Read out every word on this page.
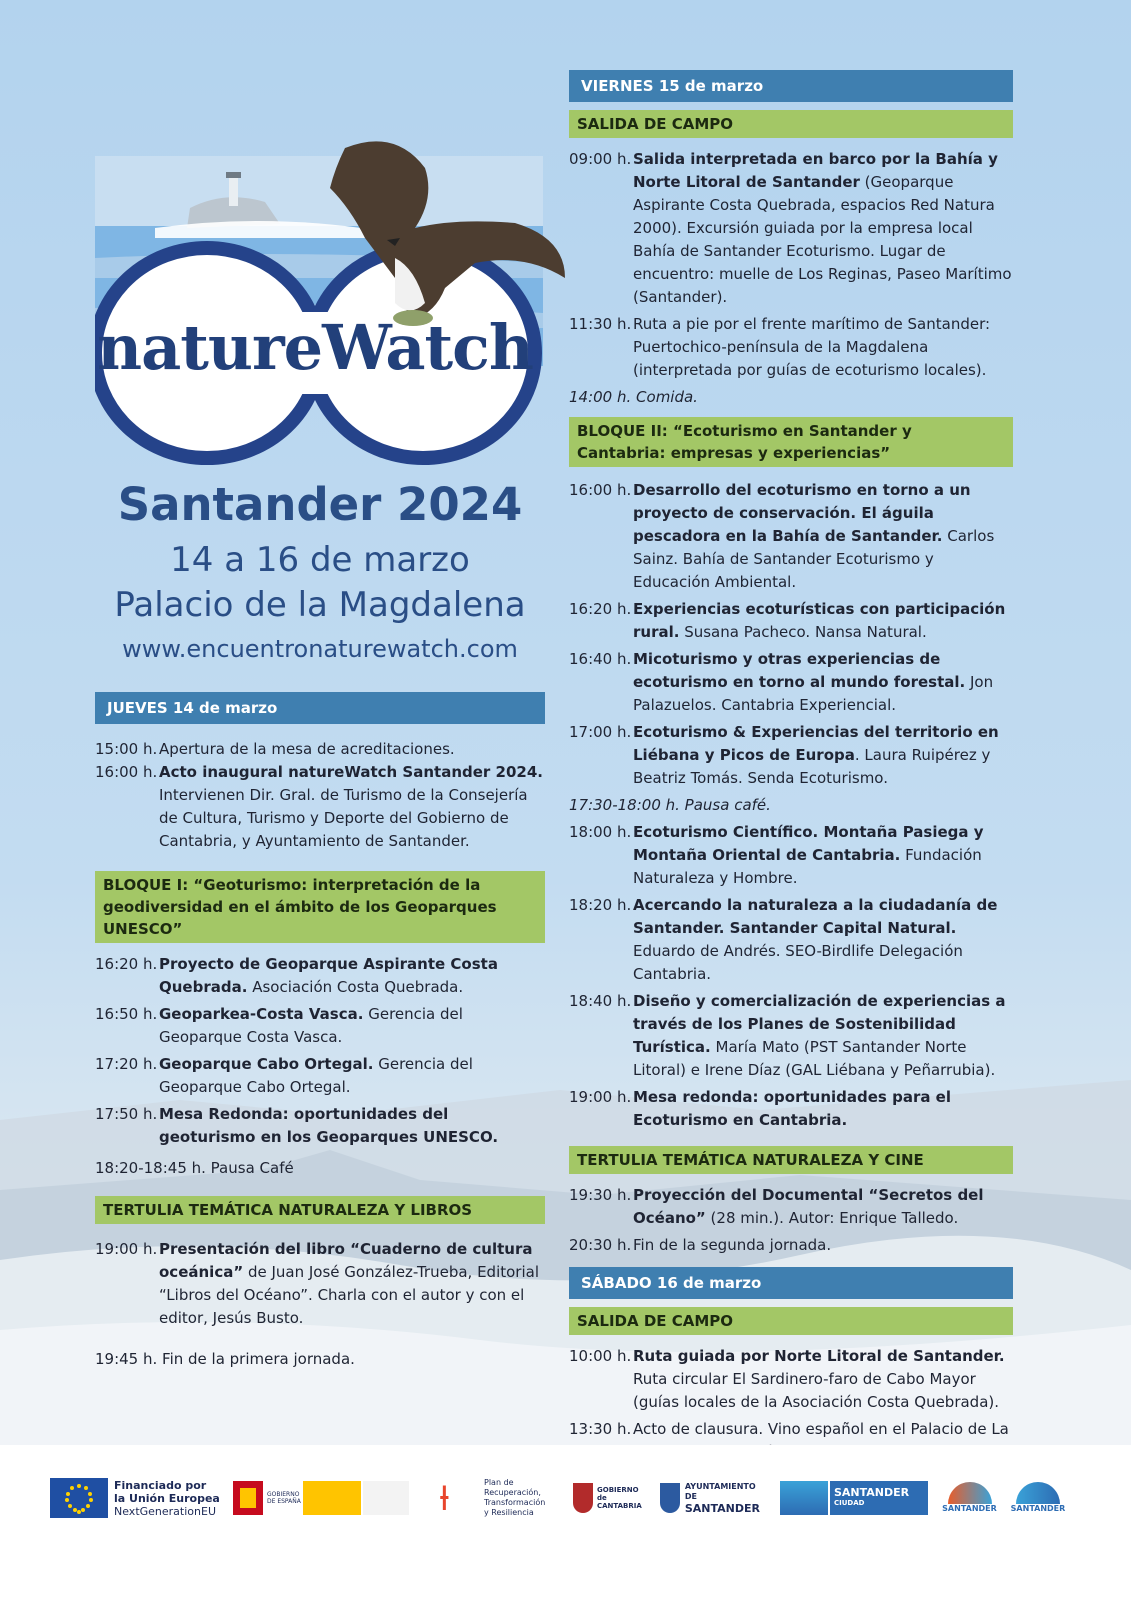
natureWatch
Santander 2024
14 a 16 de marzo
Palacio de la Magdalena
www.encuentronaturewatch.com
JUEVES 14 de marzo
15:00 h. Apertura de la mesa de acreditaciones.
16:00 h. Acto inaugural natureWatch Santander 2024. Intervienen Dir. Gral. de Turismo de la Consejería de Cultura, Turismo y Deporte del Gobierno de Cantabria, y Ayuntamiento de Santander.
BLOQUE I: “Geoturismo: interpretación de la geodiversidad en el ámbito de los Geoparques UNESCO”
16:20 h. Proyecto de Geoparque Aspirante Costa Quebrada. Asociación Costa Quebrada.
16:50 h. Geoparkea-Costa Vasca. Gerencia del Geoparque Costa Vasca.
17:20 h. Geoparque Cabo Ortegal. Gerencia del Geoparque Cabo Ortegal.
17:50 h. Mesa Redonda: oportunidades del geoturismo en los Geoparques UNESCO.
18:20-18:45 h. Pausa Café
TERTULIA TEMÁTICA NATURALEZA Y LIBROS
19:00 h. Presentación del libro “Cuaderno de cultura oceánica” de Juan José González-Trueba, Editorial “Libros del Océano”. Charla con el autor y con el editor, Jesús Busto.
19:45 h. Fin de la primera jornada.
VIERNES 15 de marzo
SALIDA DE CAMPO
09:00 h. Salida interpretada en barco por la Bahía y Norte Litoral de Santander (Geoparque Aspirante Costa Quebrada, espacios Red Natura 2000). Excursión guiada por la empresa local Bahía de Santander Ecoturismo. Lugar de encuentro: muelle de Los Reginas, Paseo Marítimo (Santander).
11:30 h. Ruta a pie por el frente marítimo de Santander: Puertochico-península de la Magdalena (interpretada por guías de ecoturismo locales).
14:00 h. Comida.
BLOQUE II: “Ecoturismo en Santander y Cantabria: empresas y experiencias”
16:00 h. Desarrollo del ecoturismo en torno a un proyecto de conservación. El águila pescadora en la Bahía de Santander. Carlos Sainz. Bahía de Santander Ecoturismo y Educación Ambiental.
16:20 h. Experiencias ecoturísticas con participación rural. Susana Pacheco. Nansa Natural.
16:40 h. Micoturismo y otras experiencias de ecoturismo en torno al mundo forestal. Jon Palazuelos. Cantabria Experiencial.
17:00 h. Ecoturismo & Experiencias del territorio en Liébana y Picos de Europa. Laura Ruipérez y Beatriz Tomás. Senda Ecoturismo.
17:30-18:00 h. Pausa café.
18:00 h. Ecoturismo Científico. Montaña Pasiega y Montaña Oriental de Cantabria. Fundación Naturaleza y Hombre.
18:20 h. Acercando la naturaleza a la ciudadanía de Santander. Santander Capital Natural. Eduardo de Andrés. SEO-Birdlife Delegación Cantabria.
18:40 h. Diseño y comercialización de experiencias a través de los Planes de Sostenibilidad Turística. María Mato (PST Santander Norte Litoral) e Irene Díaz (GAL Liébana y Peñarrubia).
19:00 h. Mesa redonda: oportunidades para el Ecoturismo en Cantabria.
TERTULIA TEMÁTICA NATURALEZA Y CINE
19:30 h. Proyección del Documental “Secretos del Océano” (28 min.). Autor: Enrique Talledo.
20:30 h. Fin de la segunda jornada.
SÁBADO 16 de marzo
SALIDA DE CAMPO
10:00 h. Ruta guiada por Norte Litoral de Santander. Ruta circular El Sardinero-faro de Cabo Mayor (guías locales de la Asociación Costa Quebrada).
13:30 h. Acto de clausura. Vino español en el Palacio de La
Financiado por
la Unión Europea
NextGenerationEU
GOBIERNO
DE ESPAÑA	⟊	Plan de
Recuperación,
Transformación
y Resiliencia
GOBIERNO
de
CANTABRIA
AYUNTAMIENTO DE
SANTANDER
SANTANDER
CIUDAD
SANTANDER SANTANDER
